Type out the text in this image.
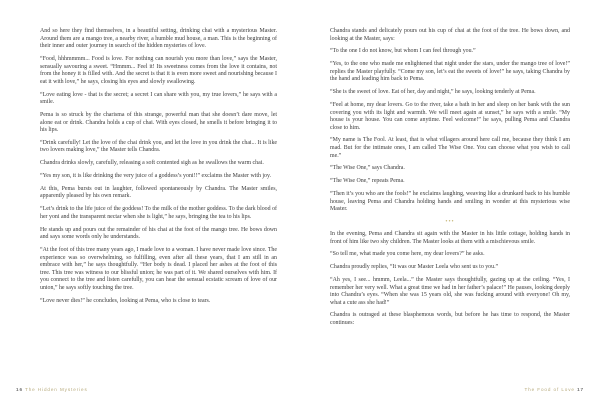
And so here they find themselves, in a beautiful setting, drinking chai with a mysterious Master. Around them are a mango tree, a nearby river, a humble mud house, a man. This is the beginning of their inner and outer journey in search of the hidden mysteries of love.

“Food, hhhmmmm... Food is love. For nothing can nourish you more than love,” says the Master, sensually savouring a sweet. “Hmmm... Feel it! Its sweetness comes from the love it contains, not from the honey it is filled with. And the secret is that it is even more sweet and nourishing because I eat it with love,” he says, closing his eyes and slowly swallowing.

“Love eating love - that is the secret; a secret I can share with you, my true lovers,” he says with a smile.

Pema is so struck by the charisma of this strange, powerful man that she doesn’t dare move, let alone eat or drink. Chandra holds a cup of chai. With eyes closed, he smells it before bringing it to his lips.

“Drink carefully! Let the love of the chai drink you, and let the love in you drink the chai... It is like two lovers making love,” the Master tells Chandra.

Chandra drinks slowly, carefully, releasing a soft contented sigh as he swallows the warm chai.

“Yes my son, it is like drinking the very juice of a goddess’s yoni!!” exclaims the Master with joy.

At this, Pema bursts out in laughter, followed spontaneously by Chandra. The Master smiles, apparently pleased by his own remark.

“Let’s drink to the life juice of the goddess! To the milk of the mother goddess. To the dark blood of her yoni and the transparent nectar when she is light,” he says, bringing the tea to his lips.

He stands up and pours out the remainder of his chai at the foot of the mango tree. He bows down and says some words only he understands.

“At the foot of this tree many years ago, I made love to a woman. I have never made love since. The experience was so overwhelming, so fulfilling, even after all these years, that I am still in an embrace with her,” he says thoughtfully. “Her body is dead. I placed her ashes at the foot of this tree. This tree was witness to our blissful union; he was part of it. We shared ourselves with him. If you connect to the tree and listen carefully, you can hear the sensual ecstatic scream of love of our union,” he says softly touching the tree.

“Love never dies!” he concludes, looking at Pema, who is close to tears.

16 The Hidden Mysteries

Chandra stands and delicately pours out his cup of chai at the foot of the tree. He bows down, and looking at the Master, says:

“To the one I do not know, but whom I can feel through you.”

“Yes, to the one who made me enlightened that night under the stars, under the mango tree of love!” replies the Master playfully. “Come my son, let’s eat the sweets of love!” he says, taking Chandra by the hand and leading him back to Pema.

“She is the sweet of love. Eat of her, day and night,” he says, looking tenderly at Pema.

“Feel at home, my dear lovers. Go to the river, take a bath in her and sleep on her bank with the sun covering you with its light and warmth. We will meet again at sunset,” he says with a smile. “My house is your house. You can come anytime. Feel welcome!” he says, pulling Pema and Chandra close to him.

“My name is The Fool. At least, that is what villagers around here call me, because they think I am mad. But for the intimate ones, I am called The Wise One. You can choose what you wish to call me.”

“The Wise One,” says Chandra.

“The Wise One,” repeats Pema.

“Then it’s you who are the fools!” he exclaims laughing, weaving like a drunkard back to his humble house, leaving Pema and Chandra holding hands and smiling in wonder at this mysterious wise Master.

•••

In the evening, Pema and Chandra sit again with the Master in his little cottage, holding hands in front of him like two shy children. The Master looks at them with a mischievous smile.

“So tell me, what made you come here, my dear lovers?” he asks.

Chandra proudly replies, “It was our Master Leela who sent us to you.”

“Ah yes, I see... hmmm, Leela...” the Master says thoughtfully, gazing up at the ceiling. “Yes, I remember her very well. What a great time we had in her father’s palace!” He pauses, looking deeply into Chandra’s eyes. “When she was 15 years old, she was fucking around with everyone! Oh my, what a cute ass she had!”

Chandra is outraged at these blasphemous words, but before he has time to respond, the Master continues:

The Food of Love 17
